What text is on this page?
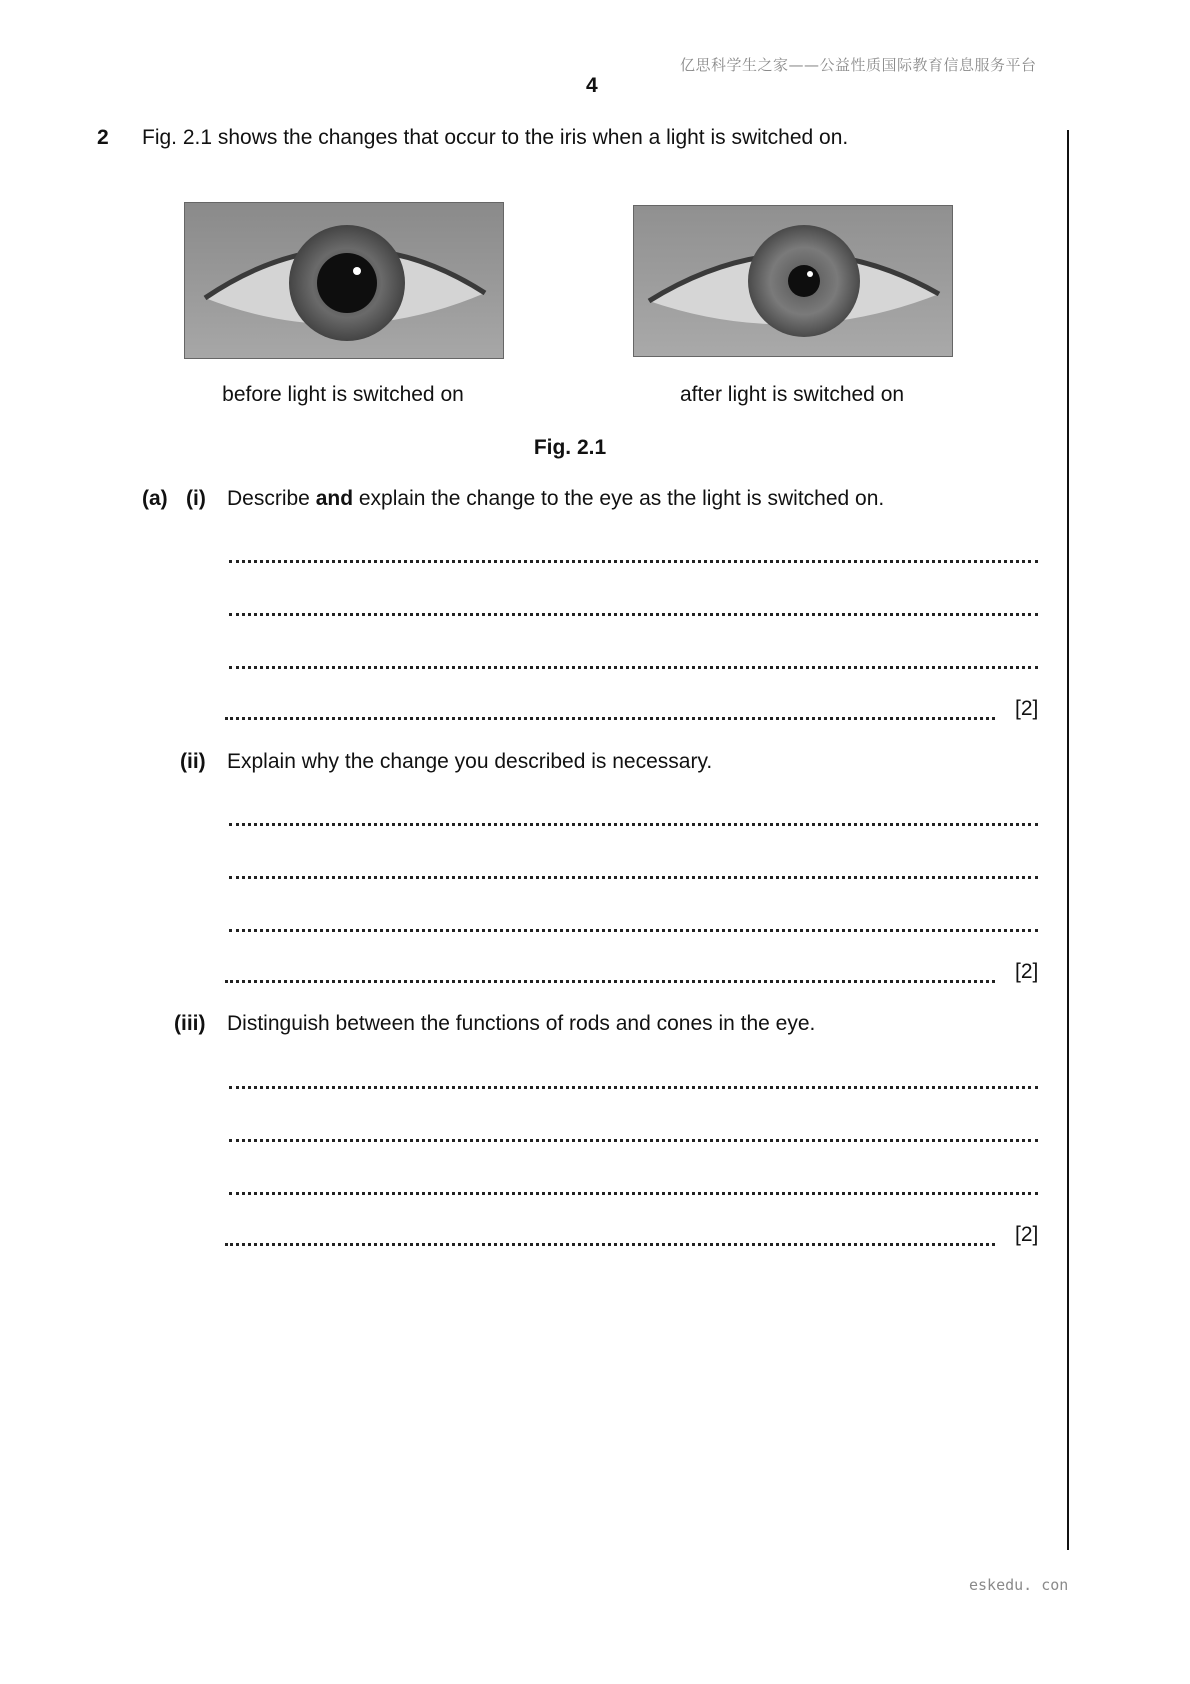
亿思科学生之家——公益性质国际教育信息服务平台
4
2 Fig. 2.1 shows the changes that occur to the iris when a light is switched on.
before light is switched on	after light is switched on
Fig. 2.1
(a) (i) Describe and explain the change to the eye as the light is switched on.
[2]
(ii) Explain why the change you described is necessary.
[2]
(iii) Distinguish between the functions of rods and cones in the eye.
[2]
eskedu. con
